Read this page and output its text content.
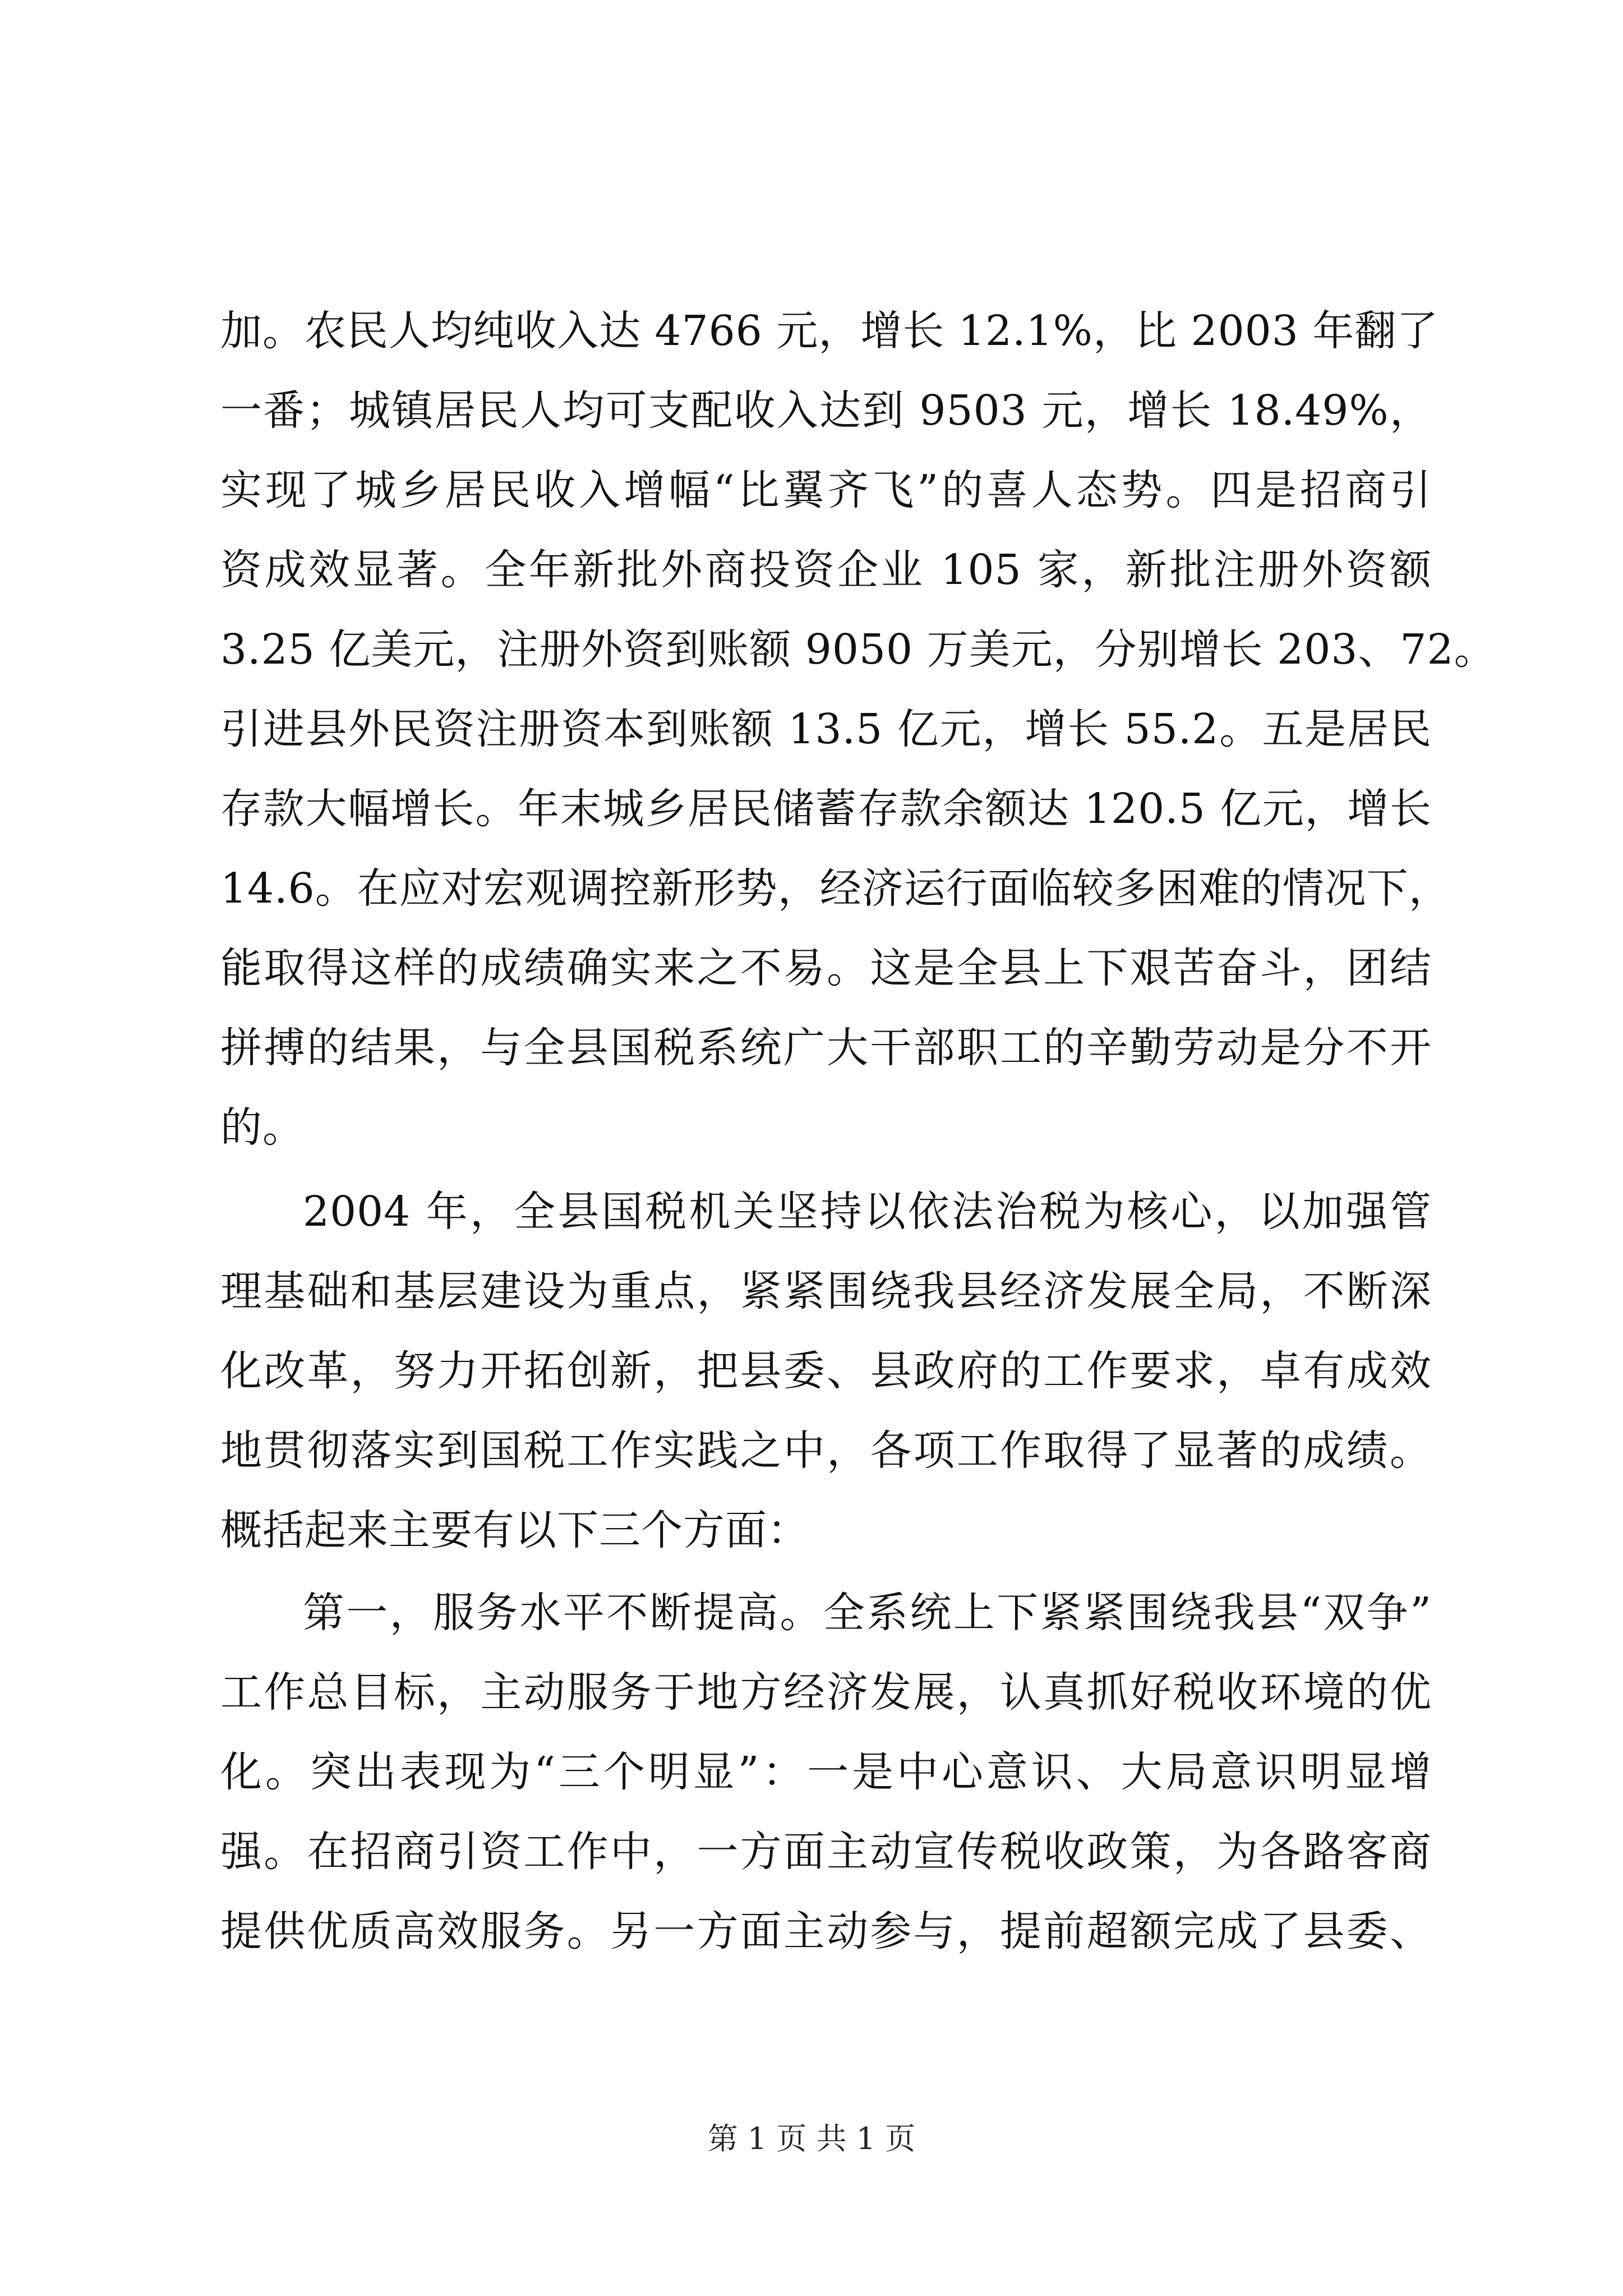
加。农民人均纯收入达 4766 元，增长 12.1%，比 2003 年翻了
一番；城镇居民人均可支配收入达到 9503 元，增长 18.49%，
实现了城乡居民收入增幅“比翼齐飞”的喜人态势。四是招商引
资成效显著。全年新批外商投资企业 105 家，新批注册外资额
3.25 亿美元，注册外资到账额 9050 万美元，分别增长 203、72。
引进县外民资注册资本到账额 13.5 亿元，增长 55.2。五是居民
存款大幅增长。年末城乡居民储蓄存款余额达 120.5 亿元，增长
14.6。在应对宏观调控新形势，经济运行面临较多困难的情况下，
能取得这样的成绩确实来之不易。这是全县上下艰苦奋斗，团结
拼搏的结果，与全县国税系统广大干部职工的辛勤劳动是分不开
的。
2004 年，全县国税机关坚持以依法治税为核心，以加强管
理基础和基层建设为重点，紧紧围绕我县经济发展全局，不断深
化改革，努力开拓创新，把县委、县政府的工作要求，卓有成效
地贯彻落实到国税工作实践之中，各项工作取得了显著的成绩。
概括起来主要有以下三个方面：
第一，服务水平不断提高。全系统上下紧紧围绕我县“双争”
工作总目标，主动服务于地方经济发展，认真抓好税收环境的优
化。突出表现为“三个明显”：一是中心意识、大局意识明显增
强。在招商引资工作中，一方面主动宣传税收政策，为各路客商
提供优质高效服务。另一方面主动参与，提前超额完成了县委、
第 1 页 共 1 页
